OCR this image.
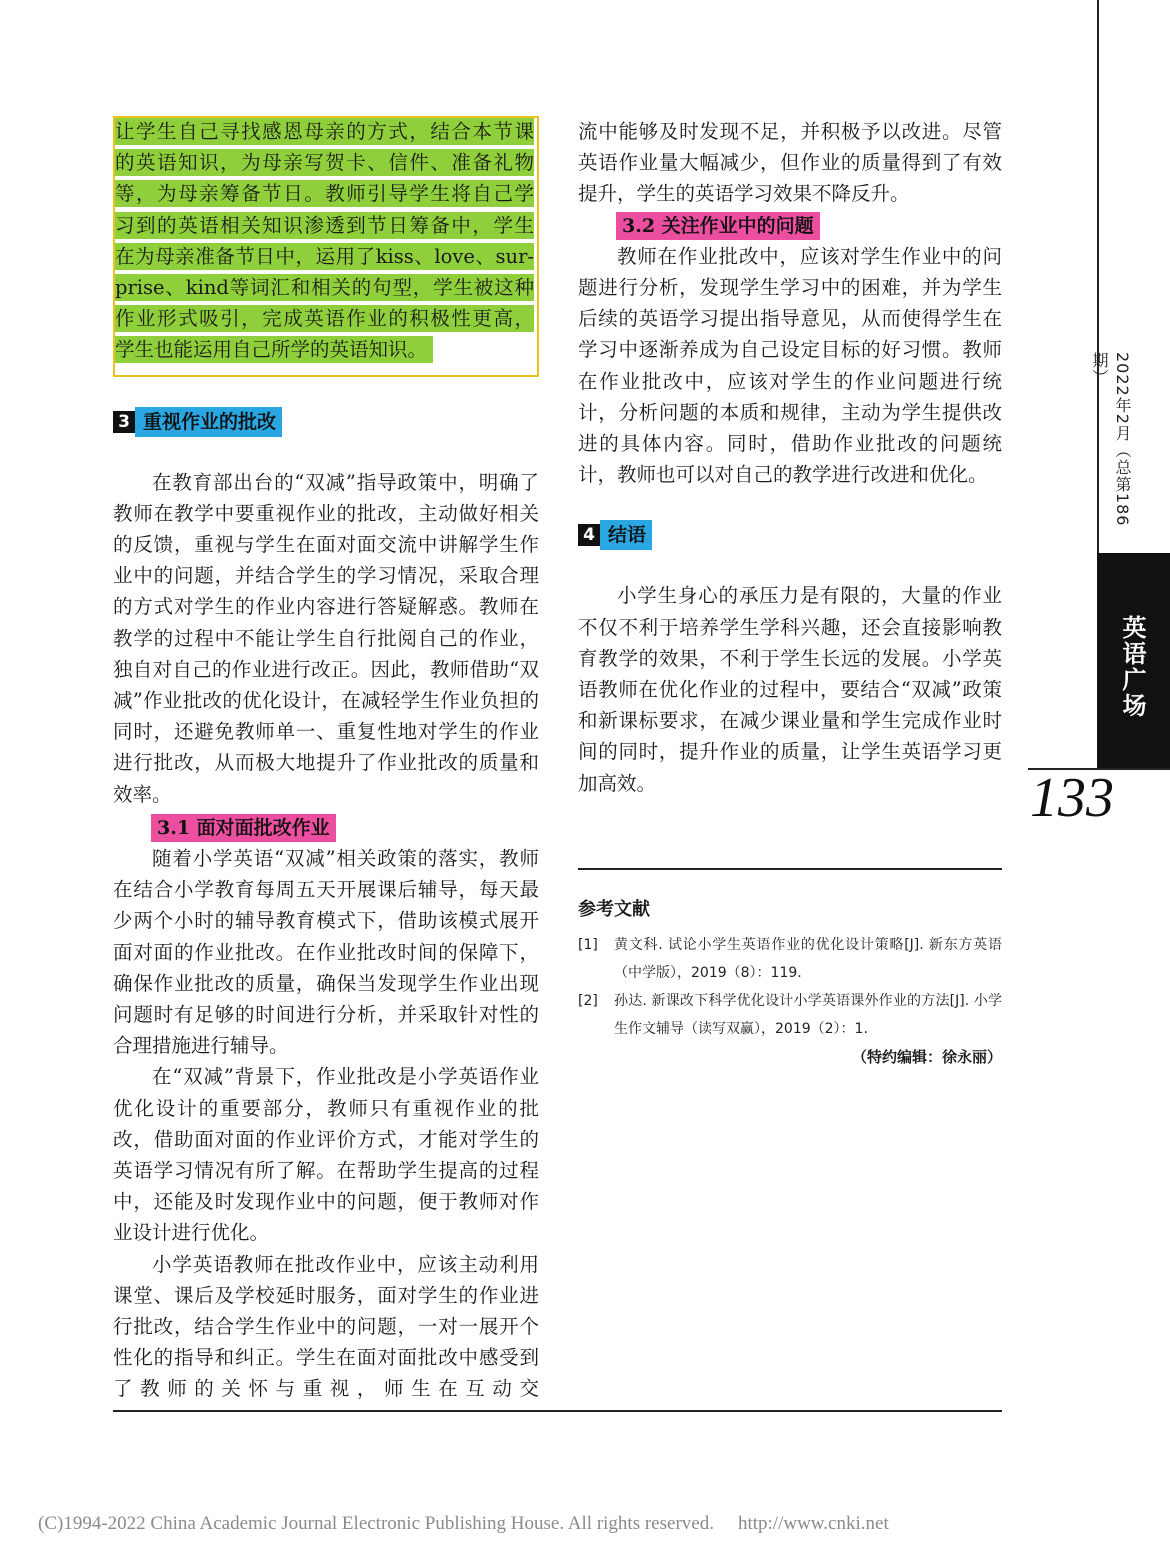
让学生自己寻找感恩母亲的方式，结合本节课
的英语知识，为母亲写贺卡、信件、准备礼物
等，为母亲筹备节日。教师引导学生将自己学
习到的英语相关知识渗透到节日筹备中，学生
在为母亲准备节日中，运用了kiss、love、sur-
prise、kind等词汇和相关的句型，学生被这种
作业形式吸引，完成英语作业的积极性更高，
学生也能运用自己所学的英语知识。
3 重视作业的批改

在教育部出台的“双减”指导政策中，明确了教师在教学中要重视作业的批改，主动做好相关的反馈，重视与学生在面对面交流中讲解学生作业中的问题，并结合学生的学习情况，采取合理的方式对学生的作业内容进行答疑解惑。教师在教学的过程中不能让学生自行批阅自己的作业，独自对自己的作业进行改正。因此，教师借助“双减”作业批改的优化设计，在减轻学生作业负担的同时，还避免教师单一、重复性地对学生的作业进行批改，从而极大地提升了作业批改的质量和效率。

3.1 面对面批改作业

随着小学英语“双减”相关政策的落实，教师在结合小学教育每周五天开展课后辅导，每天最少两个小时的辅导教育模式下，借助该模式展开面对面的作业批改。在作业批改时间的保障下，确保作业批改的质量，确保当发现学生作业出现问题时有足够的时间进行分析，并采取针对性的合理措施进行辅导。

在“双减”背景下，作业批改是小学英语作业优化设计的重要部分，教师只有重视作业的批改，借助面对面的作业评价方式，才能对学生的英语学习情况有所了解。在帮助学生提高的过程中，还能及时发现作业中的问题，便于教师对作业设计进行优化。

小学英语教师在批改作业中，应该主动利用课堂、课后及学校延时服务，面对学生的作业进行批改，结合学生作业中的问题，一对一展开个性化的指导和纠正。学生在面对面批改中感受到了教师的关怀与重视，师生在互动交

流中能够及时发现不足，并积极予以改进。尽管英语作业量大幅减少，但作业的质量得到了有效提升，学生的英语学习效果不降反升。

3.2 关注作业中的问题

教师在作业批改中，应该对学生作业中的问题进行分析，发现学生学习中的困难，并为学生后续的英语学习提出指导意见，从而使得学生在学习中逐渐养成为自己设定目标的好习惯。教师在作业批改中，应该对学生的作业问题进行统计，分析问题的本质和规律，主动为学生提供改进的具体内容。同时，借助作业批改的问题统计，教师也可以对自己的教学进行改进和优化。

4 结语

小学生身心的承压力是有限的，大量的作业不仅不利于培养学生学科兴趣，还会直接影响教育教学的效果，不利于学生长远的发展。小学英语教师在优化作业的过程中，要结合“双减”政策和新课标要求，在减少课业量和学生完成作业时间的同时，提升作业的质量，让学生英语学习更加高效。

参考文献
[1]	黄文科. 试论小学生英语作业的优化设计策略[J]. 新东方英语（中学版），2019（8）：119.
[2]	孙达. 新课改下科学优化设计小学英语课外作业的方法[J]. 小学生作文辅导（读写双赢），2019（2）：1.
（特约编辑：徐永丽）
2022年2月（总第186期）
英语广场
133
(C)1994-2022 China Academic Journal Electronic Publishing House. All rights reserved. http://www.cnki.net
